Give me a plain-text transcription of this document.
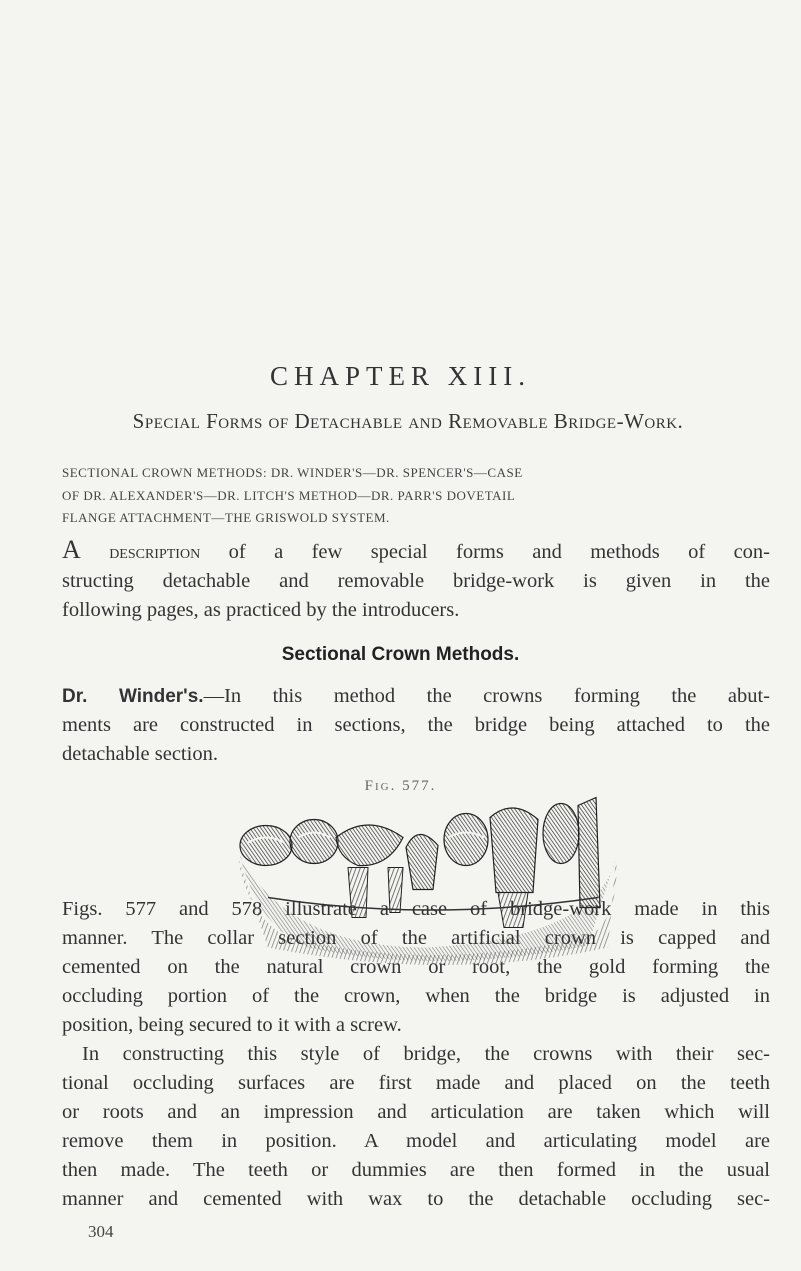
CHAPTER XIII.
Special Forms of Detachable and Removable Bridge-Work.
SECTIONAL CROWN METHODS: DR. WINDER'S—DR. SPENCER'S—CASE
OF DR. ALEXANDER'S—DR. LITCH'S METHOD—DR. PARR'S DOVETAIL
FLANGE ATTACHMENT—THE GRISWOLD SYSTEM.
A description of a few special forms and methods of con-
structing detachable and removable bridge-work is given in the
following pages, as practiced by the introducers.
Sectional Crown Methods.
Dr. Winder's.—In this method the crowns forming the abut-
ments are constructed in sections, the bridge being attached to the
detachable section.
Fig. 577.
Figs. 577 and 578 illustrate a case of bridge-work made in this
manner. The collar section of the artificial crown is capped and
cemented on the natural crown or root, the gold forming the
occluding portion of the crown, when the bridge is adjusted in
position, being secured to it with a screw.
In constructing this style of bridge, the crowns with their sec-
tional occluding surfaces are first made and placed on the teeth
or roots and an impression and articulation are taken which will
remove them in position. A model and articulating model are
then made. The teeth or dummies are then formed in the usual
manner and cemented with wax to the detachable occluding sec-
304
